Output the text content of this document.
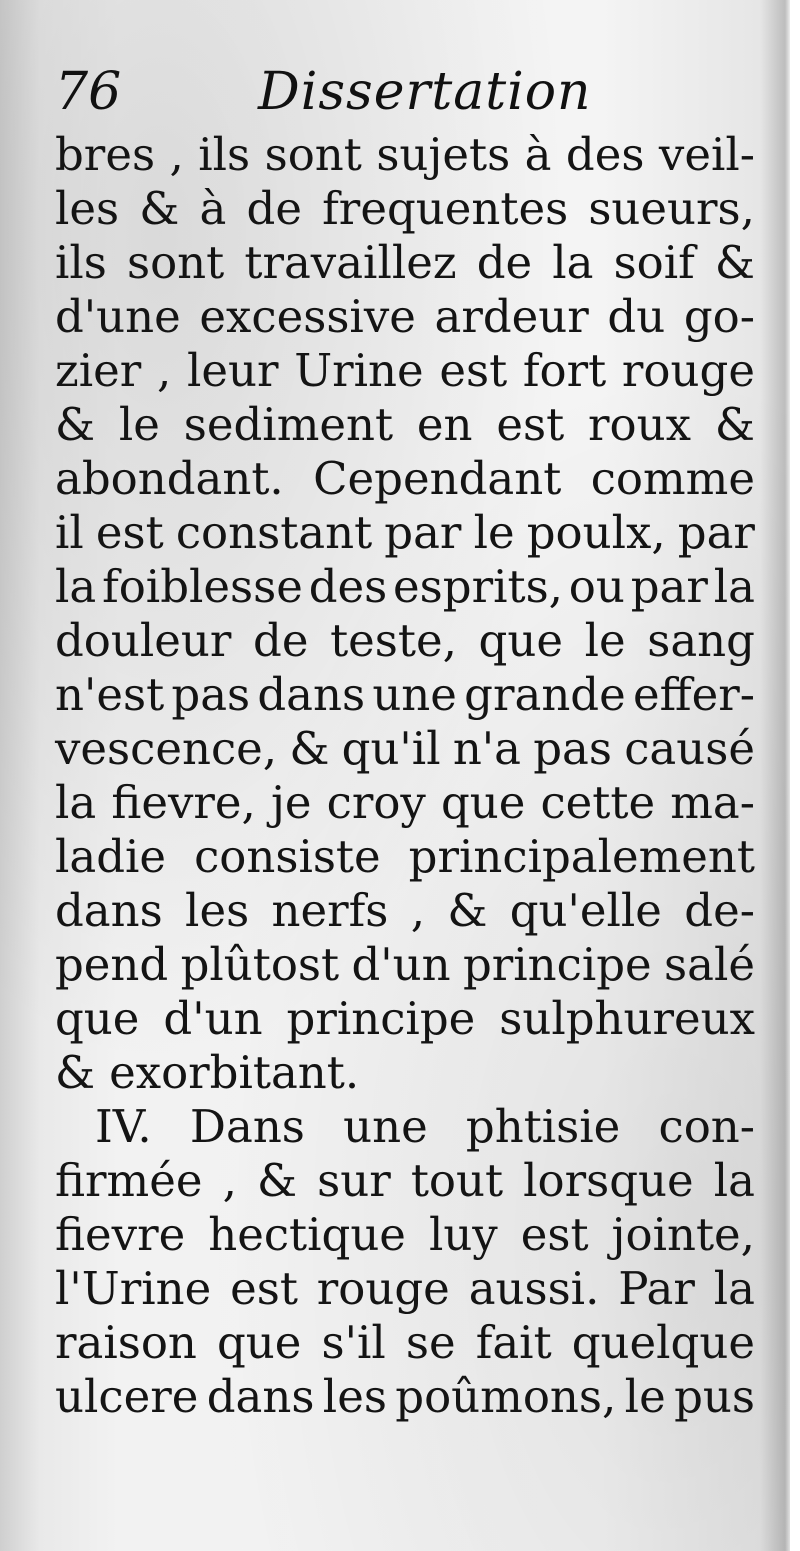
76	Dissertation
bres , ils sont sujets à des veil-
les & à de frequentes sueurs,
ils sont travaillez de la soif &
d'une excessive ardeur du go-
zier , leur Urine est fort rouge
& le sediment en est roux &
abondant. Cependant comme
il est constant par le poulx, par
la foiblesse des esprits, ou par la
douleur de teste, que le sang
n'est pas dans une grande effer-
vescence, & qu'il n'a pas causé
la fievre, je croy que cette ma-
ladie consiste principalement
dans les nerfs , & qu'elle de-
pend plûtost d'un principe salé
que d'un principe sulphureux
& exorbitant.
IV. Dans une phtisie con-
firmée , & sur tout lorsque la
fievre hectique luy est jointe,
l'Urine est rouge aussi. Par la
raison que s'il se fait quelque
ulcere dans les poûmons, le pus
